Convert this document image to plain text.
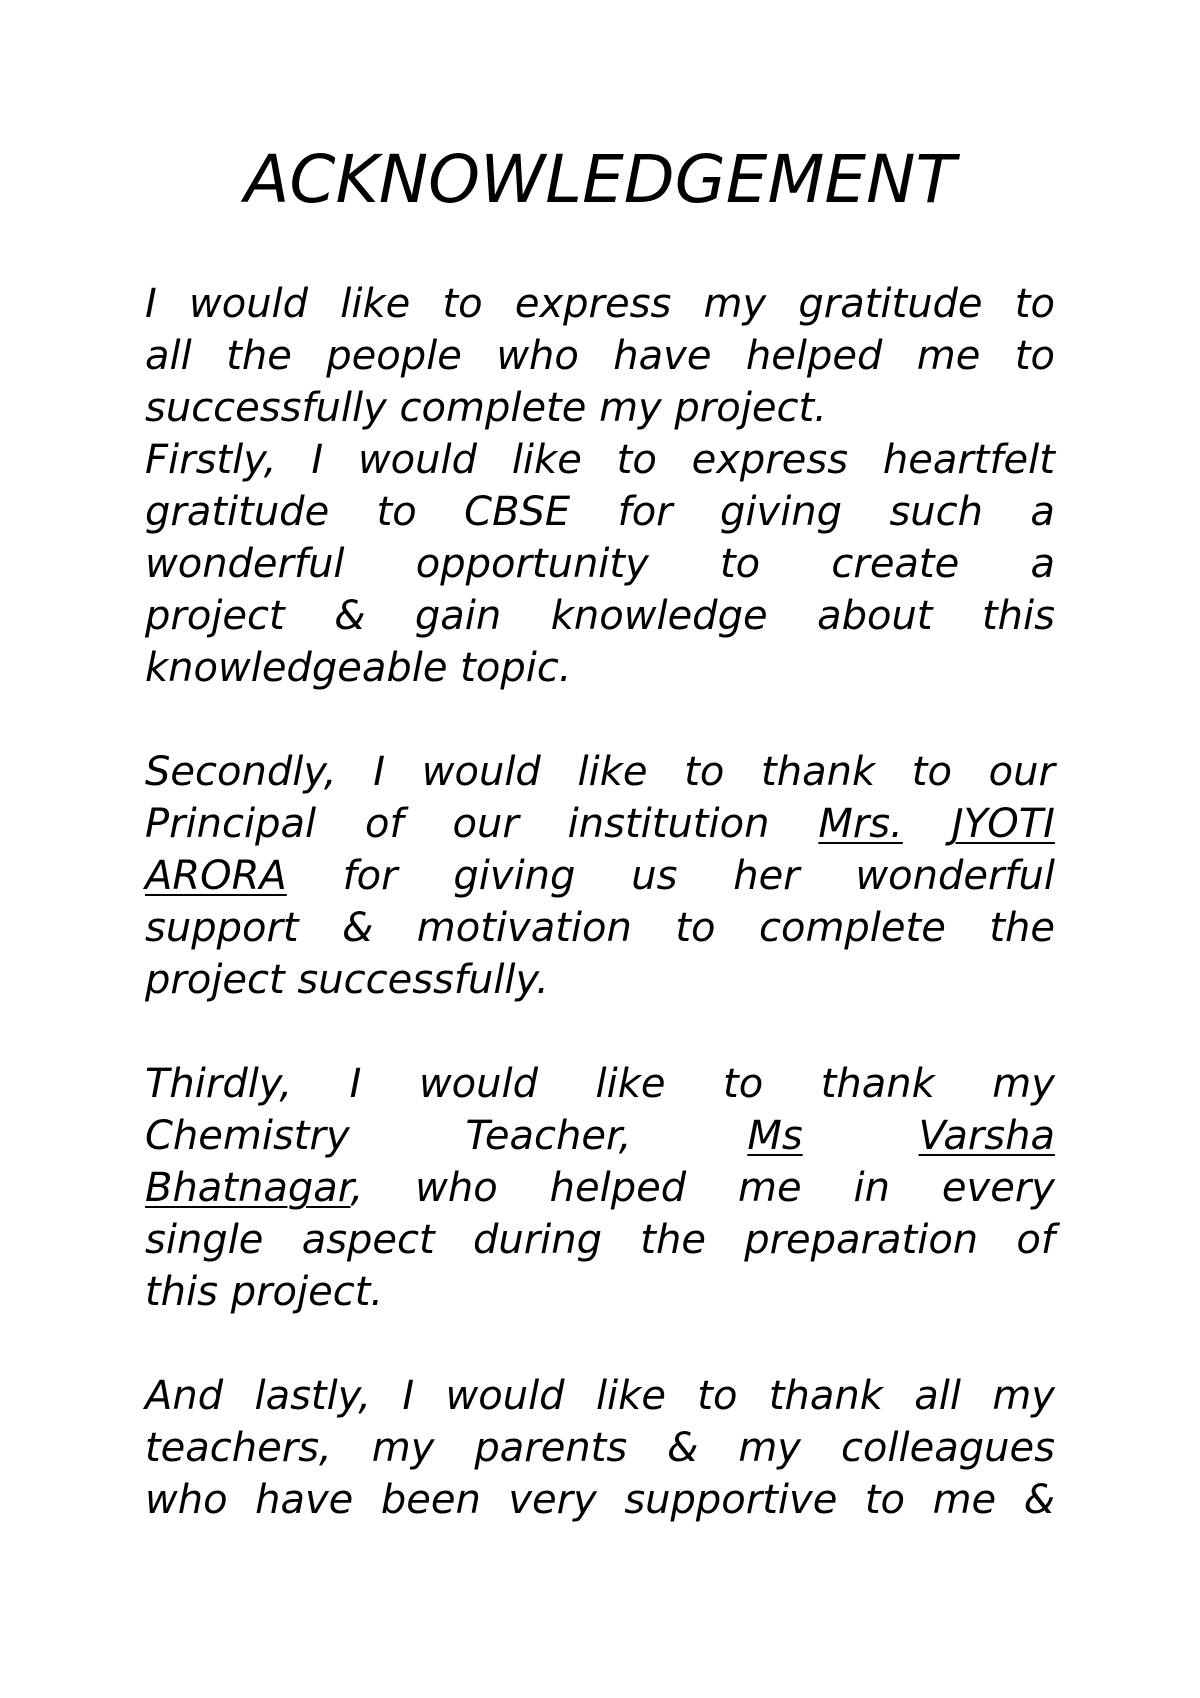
ACKNOWLEDGEMENT
I would like to express my gratitude to
all the people who have helped me to
successfully complete my project.
Firstly, I would like to express heartfelt
gratitude to CBSE for giving such a
wonderful opportunity to create a
project & gain knowledge about this
knowledgeable topic.
Secondly, I would like to thank to our
Principal of our institution Mrs. JYOTI
ARORA for giving us her wonderful
support & motivation to complete the
project successfully.
Thirdly, I would like to thank my
Chemistry	Teacher,	Ms	Varsha
Bhatnagar, who helped me in every
single aspect during the preparation of
this project.
And lastly, I would like to thank all my
teachers, my parents & my colleagues
who have been very supportive to me &
